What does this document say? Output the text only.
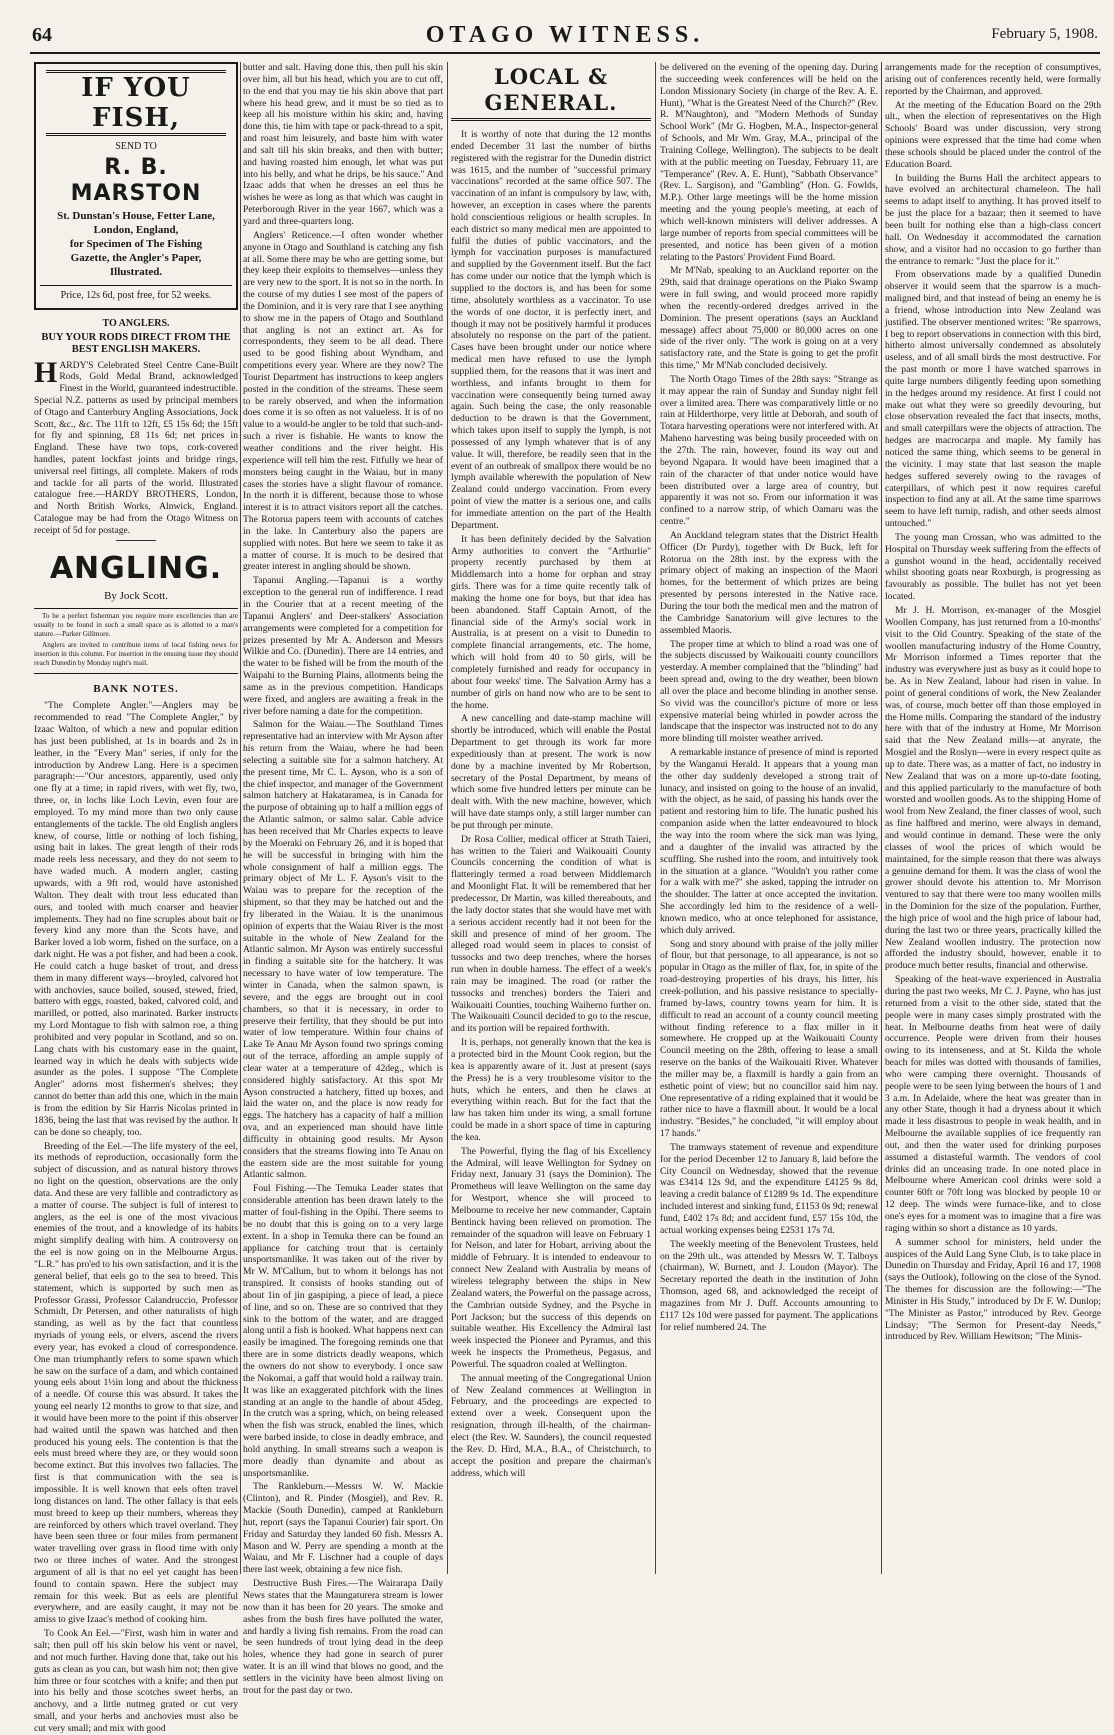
64	OTAGO WITNESS.	February 5, 1908.
IF YOU FISH,
SEND TO
R. B. MARSTON
St. Dunstan's House, Fetter Lane,
London, England,
for Specimen of The Fishing
Gazette, the Angler's Paper,
Illustrated.
Price, 12s 6d, post free, for 52 weeks.
TO ANGLERS.
BUY YOUR RODS DIRECT FROM THE BEST ENGLISH MAKERS.
HARDY'S Celebrated Steel Centre Cane-Built Rods, Gold Medal Brand, acknowledged Finest in the World, guaranteed indestructible. Special N.Z. patterns as used by principal members of Otago and Canterbury Angling Associations, Jock Scott, &c., &c. The 11ft to 12ft, £5 15s 6d; the 15ft for fly and spinning, £8 11s 6d; net prices in England. These have two tops, cork-covered handles, patent lockfast joints and bridge rings, universal reel fittings, all complete. Makers of rods and tackle for all parts of the world. Illustrated catalogue free.—HARDY BROTHERS, London, and North British Works, Alnwick, England. Catalogue may be had from the Otago Witness on receipt of 5d for postage.
ANGLING.
By Jock Scott.

To be a perfect fisherman you require more excellencies than are usually to be found in such a small space as is allotted to a man's stature.—Parker Gillmore.

Anglers are invited to contribute items of local fishing news for insertion in this column. For insertion in the ensuing issue they should reach Dunedin by Monday night's mail.

BANK NOTES.

"The Complete Angler."—Anglers may be recommended to read "The Complete Angler," by Izaac Walton, of which a new and popular edition has just been published, at 1s in boards and 2s in leather, in the "Every Man" series, if only for the introduction by Andrew Lang. Here is a specimen paragraph:—"Our ancestors, apparently, used only one fly at a time; in rapid rivers, with wet fly, two, three, or, in lochs like Loch Levin, even four are employed. To my mind more than two only cause entanglements of the tackle. The old English anglers knew, of course, little or nothing of loch fishing, using bait in lakes. The great length of their rods made reels less necessary, and they do not seem to have waded much. A modern angler, casting upwards, with a 9ft rod, would have astonished Walton. They dealt with trout less educated than ours, and tooled with much coarser and heavier implements. They had no fine scruples about bait or fevery kind any more than the Scots have, and Barker loved a lob worm, fished on the surface, on a dark night. He was a pot fisher, and had been a cook. He could catch a huge basket of trout, and dress them in many different ways—broyled, calvored hot with anchovies, sauce boiled, soused, stewed, fried, battero with eggs, roasted, baked, calvored cold, and marilled, or potted, also marinated. Barker instructs my Lord Montague to fish with salmon roe, a thing prohibited and very popular in Scotland, and so on. Lang chats with his customary ease in the quaint, learned way in which he deals with subjects wide asunder as the poles. I suppose "The Complete Angler" adorns most fishermen's shelves; they cannot do better than add this one, which in the main is from the edition by Sir Harris Nicolas printed in 1836, being the last that was revised by the author. It can be done so cheaply, too.

Breeding of the Eel.—The life mystery of the eel, its methods of reproduction, occasionally form the subject of discussion, and as natural history throws no light on the question, observations are the only data. And these are very fallible and contradictory as a matter of course. The subject is full of interest to anglers, as the eel is one of the most vivacious enemies of the trout, and a knowledge of its habits might simplify dealing with him. A controversy on the eel is now going on in the Melbourne Argus. "L.R." has pro'ed to his own satisfaction, and it is the general belief, that eels go to the sea to breed. This statement, which is supported by such men as Professor Grassi, Professor Calandruccio, Professor Schmidt, Dr Petersen, and other naturalists of high standing, as well as by the fact that countless myriads of young eels, or elvers, ascend the rivers every year, has evoked a cloud of correspondence. One man triumphantly refers to some spawn which he saw on the surface of a dam, and which contained young eels about 1½in long and about the thickness of a needle. Of course this was absurd. It takes the young eel nearly 12 months to grow to that size, and it would have been more to the point if this observer had waited until the spawn was hatched and then produced his young eels. The contention is that the eels must breed where they are, or they would soon become extinct. But this involves two fallacies. The first is that communication with the sea is impossible. It is well known that eels often travel long distances on land. The other fallacy is that eels must breed to keep up their numbers, whereas they are reinforced by others which travel overland. They have been seen three or four miles from permanent water travelling over grass in flood time with only two or three inches of water. And the strongest argument of all is that no eel yet caught has been found to contain spawn. Here the subject may remain for this week. But as eels are plentiful everywhere, and are easily caught, it may not be amiss to give Izaac's method of cooking him.

To Cook An Eel.—"First, wash him in water and salt; then pull off his skin below his vent or navel, and not much further. Having done that, take out his guts as clean as you can, but wash him not; then give him three or four scotches with a knife; and then put into his belly and those scotches sweet herbs, an anchovy, and a little nutmeg grated or cut very small, and your herbs and anchovies must also be cut very small; and mix with good

butter and salt. Having done this, then pull his skin over him, all but his head, which you are to cut off, to the end that you may tie his skin above that part where his head grew, and it must be so tied as to keep all his moisture within his skin; and, having done this, tie him with tape or pack-thread to a spit, and roast him leisurely, and baste him with water and salt till his skin breaks, and then with butter; and having roasted him enough, let what was put into his belly, and what he drips, be his sauce." And Izaac adds that when he dresses an eel thus he wishes he were as long as that which was caught in Peterborough River in the year 1667, which was a yard and three-quarters long.

Anglers' Reticence.—I often wonder whether anyone in Otago and Southland is catching any fish at all. Some there may be who are getting some, but they keep their exploits to themselves—unless they are very new to the sport. It is not so in the north. In the course of my duties I see most of the papers of the Dominion, and it is very rare that I see anything to show me in the papers of Otago and Southland that angling is not an extinct art. As for correspondents, they seem to be all dead. There used to be good fishing about Wyndham, and competitions every year. Where are they now? The Tourist Department has instructions to keep anglers posted in the condition of the streams. These seem to be rarely observed, and when the information does come it is so often as not valueless. It is of no value to a would-be angler to be told that such-and-such a river is fishable. He wants to know the weather conditions and the river height. His experience will tell him the rest. Fitfully we hear of monsters being caught in the Waiau, but in many cases the stories have a slight flavour of romance. In the north it is different, because those to whose interest it is to attract visitors report all the catches. The Rotorua papers teem with accounts of catches in the lake. In Canterbury also the papers are supplied with notes. But here we seem to take it as a matter of course. It is much to be desired that greater interest in angling should be shown.

Tapanui Angling.—Tapanui is a worthy exception to the general run of indifference. I read in the Courier that at a recent meeting of the Tapanui Anglers' and Deer-stalkers' Association arrangements were completed for a competition for prizes presented by Mr A. Anderson and Messrs Wilkie and Co. (Dunedin). There are 14 entries, and the water to be fished will be from the mouth of the Waipahi to the Burning Plains, allotments being the same as in the previous competition. Handicaps were fixed, and anglers are awaiting a freak in the river before naming a date for the competition.

Salmon for the Waiau.—The Southland Times representative had an interview with Mr Ayson after his return from the Waiau, where he had been selecting a suitable site for a salmon hatchery. At the present time, Mr C. L. Ayson, who is a son of the chief inspector, and manager of the Government salmon hatchery at Hakataramea, is in Canada for the purpose of obtaining up to half a million eggs of the Atlantic salmon, or salmo salar. Cable advice has been received that Mr Charles expects to leave by the Moeraki on February 26, and it is hoped that he will be successful in bringing with him the whole consignment of half a million eggs. The primary object of Mr L. F. Ayson's visit to the Waiau was to prepare for the reception of the shipment, so that they may be hatched out and the fry liberated in the Waiau. It is the unanimous opinion of experts that the Waiau River is the most suitable in the whole of New Zealand for the Atlantic salmon. Mr Ayson was entirely successful in finding a suitable site for the hatchery. It was necessary to have water of low temperature. The winter in Canada, when the salmon spawn, is severe, and the eggs are brought out in cool chambers, so that it is necessary, in order to preserve their fertility, that they should be put into water of low temperature. Within four chains of Lake Te Anau Mr Ayson found two springs coming out of the terrace, affording an ample supply of clear water at a temperature of 42deg., which is considered highly satisfactory. At this spot Mr Ayson constructed a hatchery, fitted up boxes, and laid the water on, and the place is now ready for eggs. The hatchery has a capacity of half a million ova, and an experienced man should have little difficulty in obtaining good results. Mr Ayson considers that the streams flowing into Te Anau on the eastern side are the most suitable for young Atlantic salmon.

Foul Fishing.—The Temuka Leader states that considerable attention has been drawn lately to the matter of foul-fishing in the Opihi. There seems to be no doubt that this is going on to a very large extent. In a shop in Temuka there can be found an appliance for catching trout that is certainly unsportsmanlike. It was taken out of the river by Mr W. M'Callum, but to whom it belongs has not transpired. It consists of hooks standing out of about 1in of jin gaspiping, a piece of lead, a piece of line, and so on. These are so contrived that they sink to the bottom of the water, and are dragged along until a fish is hooked. What happens next can easily be imagined. The foregoing reminds one that there are in some districts deadly weapons, which the owners do not show to everybody. I once saw the Nokomai, a gaff that would hold a railway train. It was like an exaggerated pitchfork with the lines standing at an angle to the handle of about 45deg. In the crutch was a spring, which, on being released when the fish was struck, enabled the lines, which were barbed inside, to close in deadly embrace, and hold anything. In small streams such a weapon is more deadly than dynamite and about as unsportsmanlike.

The Rankleburn.—Messrs W. W. Mackie (Clinton), and R. Pinder (Mosgiel), and Rev. R. Mackie (South Dunedin), camped at Rankleburn hut, report (says the Tapanui Courier) fair sport. On Friday and Saturday they landed 60 fish. Messrs A. Mason and W. Perry are spending a month at the Waiau, and Mr F. Lischner had a couple of days there last week, obtaining a few nice fish.

Destructive Bush Fires.—The Wairarapa Daily News states that the Maungaturera stream is lower now than it has been for 20 years. The smoke and ashes from the bush fires have polluted the water, and hardly a living fish remains. From the road can be seen hundreds of trout lying dead in the deep holes, whence they had gone in search of purer water. It is an ill wind that blows no good, and the settlers in the vicinity have been almost living on trout for the past day or two.

LOCAL & GENERAL.

It is worthy of note that during the 12 months ended December 31 last the number of births registered with the registrar for the Dunedin district was 1615, and the number of "successful primary vaccinations" recorded at the same office 507. The vaccination of an infant is compulsory by law, with, however, an exception in cases where the parents hold conscientious religious or health scruples. In each district so many medical men are appointed to fulfil the duties of public vaccinators, and the lymph for vaccination purposes is manufactured and supplied by the Government itself. But the fact has come under our notice that the lymph which is supplied to the doctors is, and has been for some time, absolutely worthless as a vaccinator. To use the words of one doctor, it is perfectly inert, and though it may not be positively harmful it produces absolutely no response on the part of the patient. Cases have been brought under our notice where medical men have refused to use the lymph supplied them, for the reasons that it was inert and worthless, and infants brought to them for vaccination were consequently being turned away again. Such being the case, the only reasonable deduction to be drawn is that the Government, which takes upon itself to supply the lymph, is not possessed of any lymph whatever that is of any value. It will, therefore, be readily seen that in the event of an outbreak of smallpox there would be no lymph available wherewith the population of New Zealand could undergo vaccination. From every point of view the matter is a serious one, and calls for immediate attention on the part of the Health Department.

It has been definitely decided by the Salvation Army authorities to convert the "Arthurlie" property recently purchased by them at Middlemarch into a home for orphan and stray girls. There was for a time quite recently talk of making the home one for boys, but that idea has been abandoned. Staff Captain Arnott, of the financial side of the Army's social work in Australia, is at present on a visit to Dunedin to complete financial arrangements, etc. The home, which will hold from 40 to 50 girls, will be completely furnished and ready for occupancy in about four weeks' time. The Salvation Army has a number of girls on hand now who are to be sent to the home.

A new cancelling and date-stamp machine will shortly be introduced, which will enable the Postal Department to get through its work far more expeditiously than at present. The work is now done by a machine invented by Mr Robertson, secretary of the Postal Department, by means of which some five hundred letters per minute can be dealt with. With the new machine, however, which will have date stamps only, a still larger number can be put through per minute.

Dr Rosa Collier, medical officer at Strath Taieri, has written to the Taieri and Waikouaiti County Councils concerning the condition of what is flatteringly termed a road between Middlemarch and Moonlight Flat. It will be remembered that her predecessor, Dr Martin, was killed thereabouts, and the lady doctor states that she would have met with a serious accident recently had it not been for the skill and presence of mind of her groom. The alleged road would seem in places to consist of tussocks and two deep trenches, where the horses run when in double harness. The effect of a week's rain may be imagined. The road (or rather the tussocks and trenches) borders the Taieri and Waikouaiti Counties, touching Waiherno further on. The Waikouaiti Council decided to go to the rescue, and its portion will be repaired forthwith.

It is, perhaps, not generally known that the kea is a protected bird in the Mount Cook region, but the kea is apparently aware of it. Just at present (says the Press) he is a very troublesome visitor to the huts, which he enters, and then he claws at everything within reach. But for the fact that the law has taken him under its wing, a small fortune could be made in a short space of time in capturing the kea.

The Powerful, flying the flag of his Excellency the Admiral, will leave Wellington for Sydney on Friday next, January 31 (says the Dominion). The Prometheus will leave Wellington on the same day for Westport, whence she will proceed to Melbourne to receive her new commander, Captain Bentinck having been relieved on promotion. The remainder of the squadron will leave on February 1 for Nelson, and later for Hobart, arriving about the middle of February. It is intended to endeavour to connect New Zealand with Australia by means of wireless telegraphy between the ships in New Zealand waters, the Powerful on the passage across, the Cambrian outside Sydney, and the Psyche in Port Jackson; but the success of this depends on suitable weather. His Excellency the Admiral last week inspected the Pioneer and Pyramus, and this week he inspects the Prometheus, Pegasus, and Powerful. The squadron coaled at Wellington.

The annual meeting of the Congregational Union of New Zealand commences at Wellington in February, and the proceedings are expected to extend over a week. Consequent upon the resignation, through ill-health, of the chairman-elect (the Rev. W. Saunders), the council requested the Rev. D. Hird, M.A., B.A., of Christchurch, to accept the position and prepare the chairman's address, which will

be delivered on the evening of the opening day. During the succeeding week conferences will be held on the London Missionary Society (in charge of the Rev. A. E. Hunt), "What is the Greatest Need of the Church?" (Rev. R. M'Naughton), and "Modern Methods of Sunday School Work" (Mr G. Hogben, M.A., Inspector-general of Schools, and Mr Wm. Gray, M.A., principal of the Training College, Wellington). The subjects to be dealt with at the public meeting on Tuesday, February 11, are "Temperance" (Rev. A. E. Hunt), "Sabbath Observance" (Rev. L. Sargison), and "Gambling" (Hon. G. Fowlds, M.P.). Other large meetings will be the home mission meeting and the young people's meeting, at each of which well-known ministers will deliver addresses. A large number of reports from special committees will be presented, and notice has been given of a motion relating to the Pastors' Provident Fund Board.

Mr M'Nab, speaking to an Auckland reporter on the 29th, said that drainage operations on the Piako Swamp were in full swing, and would proceed more rapidly when the recently-ordered dredges arrived in the Dominion. The present operations (says an Auckland message) affect about 75,000 or 80,000 acres on one side of the river only. "The work is going on at a very satisfactory rate, and the State is going to get the profit this time," Mr M'Nab concluded decisively.

The North Otago Times of the 28th says: "Strange as it may appear the rain of Sunday and Sunday night fell over a limited area. There was comparatively little or no rain at Hilderthorpe, very little at Deborah, and south of Totara harvesting operations were not interfered with. At Maheno harvesting was being busily proceeded with on the 27th. The rain, however, found its way out and beyond Ngapara. It would have been imagined that a rain of the character of that under notice would have been distributed over a large area of country, but apparently it was not so. From our information it was confined to a narrow strip, of which Oamaru was the centre."

An Auckland telegram states that the District Health Officer (Dr Purdy), together with Dr Buck, left for Rotorua on the 28th inst. by the express with the primary object of making an inspection of the Maori homes, for the betterment of which prizes are being presented by persons interested in the Native race. During the tour both the medical men and the matron of the Cambridge Sanatorium will give lectures to the assembled Maoris.

The proper time at which to blind a road was one of the subjects discussed by Waikouaiti county councillors yesterday. A member complained that the "blinding" had been spread and, owing to the dry weather, been blown all over the place and become blinding in another sense. So vivid was the councillor's picture of more or less expensive material being whirled in powder across the landscape that the inspector was instructed not to do any more blinding till moister weather arrived.

A remarkable instance of presence of mind is reported by the Wanganui Herald. It appears that a young man the other day suddenly developed a strong trait of lunacy, and insisted on going to the house of an invalid, with the object, as he said, of passing his hands over the patient and restoring him to life. The lunatic pushed his companion aside when the latter endeavoured to block the way into the room where the sick man was lying, and a daughter of the invalid was attracted by the scuffling. She rushed into the room, and intuitively took in the situation at a glance. "Wouldn't you rather come for a walk with me?" she asked, tapping the intruder on the shoulder. The latter at once accepted the invitation. She accordingly led him to the residence of a well-known medico, who at once telephoned for assistance, which duly arrived.

Song and story abound with praise of the jolly miller of flour, but that personage, to all appearance, is not so popular in Otago as the miller of flax, for, in spite of the road-destroying properties of his drays, his litter, his creek-pollution, and his passive resistance to specially-framed by-laws, country towns yearn for him. It is difficult to read an account of a county council meeting without finding reference to a flax miller in it somewhere. He cropped up at the Waikouaiti County Council meeting on the 28th, offering to lease a small reserve on the banks of the Waikouaiti River. Whatever the miller may be, a flaxmill is hardly a gain from an esthetic point of view; but no councillor said him nay. One representative of a riding explained that it would be rather nice to have a flaxmill about. It would be a local industry. "Besides," he concluded, "it will employ about 17 hands."

The tramways statement of revenue and expenditure for the period December 12 to January 8, laid before the City Council on Wednesday, showed that the revenue was £3414 12s 9d, and the expenditure £4125 9s 8d, leaving a credit balance of £1289 9s 1d. The expenditure included interest and sinking fund, £1153 0s 9d; renewal fund, £402 17s 8d; and accident fund, £57 15s 10d, the actual working expenses being £2531 17s 7d.

The weekly meeting of the Benevolent Trustees, held on the 29th ult., was attended by Messrs W. T. Talboys (chairman), W. Burnett, and J. Loudon (Mayor). The Secretary reported the death in the institution of John Thomson, aged 68, and acknowledged the receipt of magazines from Mr J. Duff. Accounts amounting to £117 12s 10d were passed for payment. The applications for relief numbered 24. The

arrangements made for the reception of consumptives, arising out of conferences recently held, were formally reported by the Chairman, and approved.

At the meeting of the Education Board on the 29th ult., when the election of representatives on the High Schools' Board was under discussion, very strong opinions were expressed that the time had come when these schools should be placed under the control of the Education Board.

In building the Burns Hall the architect appears to have evolved an architectural chameleon. The hall seems to adapt itself to anything. It has proved itself to be just the place for a bazaar; then it seemed to have been built for nothing else than a high-class concert hall. On Wednesday it accommodated the carnation show, and a visitor had no occasion to go further than the entrance to remark: "Just the place for it."

From observations made by a qualified Dunedin observer it would seem that the sparrow is a much-maligned bird, and that instead of being an enemy he is a friend, whose introduction into New Zealand was justified. The observer mentioned writes: "Re sparrows, I beg to report observations in connection with this bird, hitherto almost universally condemned as absolutely useless, and of all small birds the most destructive. For the past month or more I have watched sparrows in quite large numbers diligently feeding upon something in the hedges around my residence. At first I could not make out what they were so greedily devouring, but close observation revealed the fact that insects, moths, and small caterpillars were the objects of attraction. The hedges are macrocarpa and maple. My family has noticed the same thing, which seems to be general in the vicinity. I may state that last season the maple hedges suffered severely owing to the ravages of caterpillars, of which pest it now requires careful inspection to find any at all. At the same time sparrows seem to have left turnip, radish, and other seeds almost untouched."

The young man Crossan, who was admitted to the Hospital on Thursday week suffering from the effects of a gunshot wound in the head, accidentally received whilst shooting goats near Roxburgh, is progressing as favourably as possible. The bullet has not yet been located.

Mr J. H. Morrison, ex-manager of the Mosgiel Woollen Company, has just returned from a 10-months' visit to the Old Country. Speaking of the state of the woollen manufacturing industry of the Home Country, Mr Morrison informed a Times reporter that the industry was everywhere just as busy as it could hope to be. As in New Zealand, labour had risen in value. In point of general conditions of work, the New Zealander was, of course, much better off than those employed in the Home mills. Comparing the standard of the industry here with that of the industry at Home, Mr Morrison said that the New Zealand mills—at anyrate, the Mosgiel and the Roslyn—were in every respect quite as up to date. There was, as a matter of fact, no industry in New Zealand that was on a more up-to-date footing, and this applied particularly to the manufacture of both worsted and woollen goods. As to the shipping Home of wool from New Zealand, the finer classes of wool, such as fine halfbred and merino, were always in demand, and would continue in demand. These were the only classes of wool the prices of which would be maintained, for the simple reason that there was always a genuine demand for them. It was the class of wool the grower should devote his attention to. Mr Morrison ventured to say that there were too many woollen mills in the Dominion for the size of the population. Further, the high price of wool and the high price of labour had, during the last two or three years, practically killed the New Zealand woollen industry. The protection now afforded the industry should, however, enable it to produce much better results, financial and otherwise.

Speaking of the heat-wave experienced in Australia during the past two weeks, Mr C. J. Payne, who has just returned from a visit to the other side, stated that the people were in many cases simply prostrated with the heat. In Melbourne deaths from heat were of daily occurrence. People were driven from their houses owing to its intenseness, and at St. Kilda the whole beach for miles was dotted with thousands of families, who were camping there overnight. Thousands of people were to be seen lying between the hours of 1 and 3 a.m. In Adelaide, where the heat was greater than in any other State, though it had a dryness about it which made it less disastrous to people in weak health, and in Melbourne the available supplies of ice frequently ran out, and then the water used for drinking purposes assumed a distasteful warmth. The vendors of cool drinks did an unceasing trade. In one noted place in Melbourne where American cool drinks were sold a counter 60ft or 70ft long was blocked by people 10 or 12 deep. The winds were furnace-like, and to close one's eyes for a moment was to imagine that a fire was raging within so short a distance as 10 yards.

A summer school for ministers, held under the auspices of the Auld Lang Syne Club, is to take place in Dunedin on Thursday and Friday, April 16 and 17, 1908 (says the Outlook), following on the close of the Synod. The themes for discussion are the following:—"The Minister in His Study," introduced by Dr F. W. Dunlop; "The Minister as Pastor," introduced by Rev. George Lindsay; "The Sermon for Present-day Needs," introduced by Rev. William Hewitson; "The Minis-
